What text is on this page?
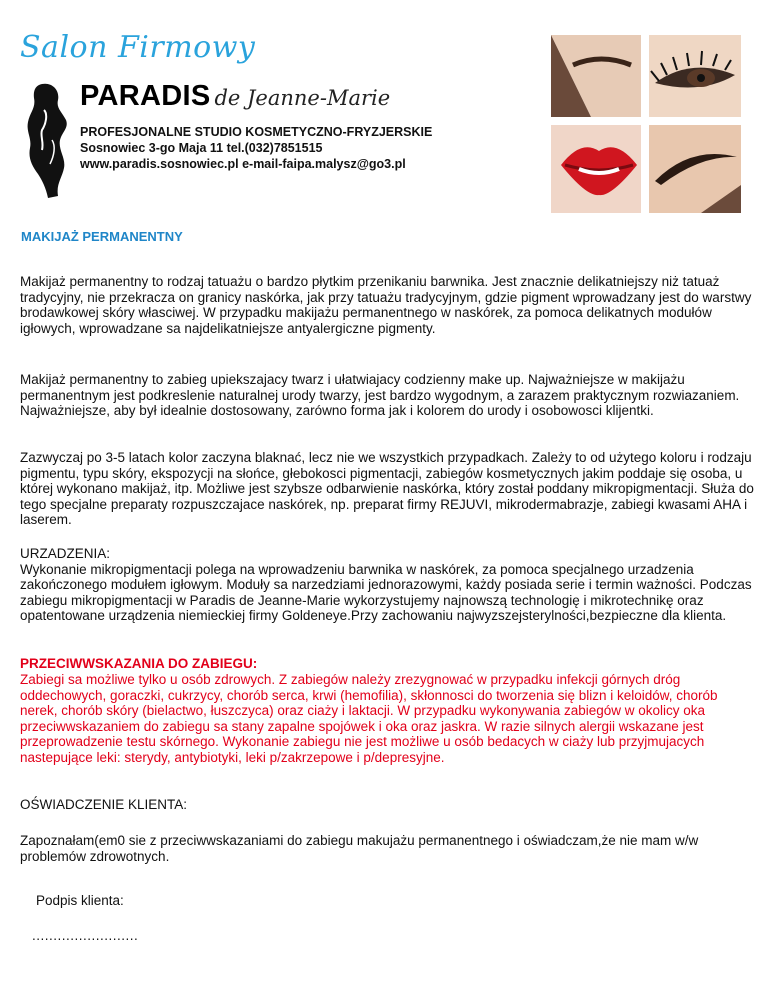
Salon Firmowy
PARADIS de Jeanne-Marie
PROFESJONALNE STUDIO KOSMETYCZNO-FRYZJERSKIE
Sosnowiec 3-go Maja 11 tel.(032)7851515
www.paradis.sosnowiec.pl e-mail-faipa.malysz@go3.pl
MAKIJAŻ PERMANENTNY

Makijaż permanentny to rodzaj tatuażu o bardzo płytkim przenikaniu barwnika. Jest znacznie delikatniejszy niż tatuaż tradycyjny, nie przekracza on granicy naskórka, jak przy tatuażu tradycyjnym, gdzie pigment wprowadzany jest do warstwy brodawkowej skóry własciwej. W przypadku makijażu permanentnego w naskórek, za pomoca delikatnych modułów igłowych, wprowadzane sa najdelikatniejsze antyalergiczne pigmenty.

Makijaż permanentny to zabieg upiekszajacy twarz i ułatwiajacy codzienny make up. Najważniejsze w makijażu permanentnym jest podkreslenie naturalnej urody twarzy, jest bardzo wygodnym, a zarazem praktycznym rozwiazaniem. Najważniejsze, aby był idealnie dostosowany, zarówno forma jak i kolorem do urody i osobowosci klijentki.

Zazwyczaj po 3-5 latach kolor zaczyna blaknać, lecz nie we wszystkich przypadkach. Zależy to od użytego koloru i rodzaju pigmentu, typu skóry, ekspozycji na słońce, głebokosci pigmentacji, zabiegów kosmetycznych jakim poddaje się osoba, u której wykonano makijaż, itp. Możliwe jest szybsze odbarwienie naskórka, który został poddany mikropigmentacji. Służa do tego specjalne preparaty rozpuszczajace naskórek, np. preparat firmy REJUVI, mikrodermabrazje, zabiegi kwasami AHA i laserem.

URZADZENIA:
Wykonanie mikropigmentacji polega na wprowadzeniu barwnika w naskórek, za pomoca specjalnego urzadzenia zakończonego modułem igłowym. Moduły sa narzedziami jednorazowymi, każdy posiada serie i termin ważności. Podczas zabiegu mikropigmentacji w Paradis de Jeanne-Marie wykorzystujemy najnowszą technologię i mikrotechnikę oraz opatentowane urządzenia niemieckiej firmy Goldeneye.Przy zachowaniu najwyzszejsterylności,bezpieczne dla klienta.

PRZECIWWSKAZANIA DO ZABIEGU:

Zabiegi sa możliwe tylko u osób zdrowych. Z zabiegów należy zrezygnować w przypadku infekcji górnych dróg oddechowych, goraczki, cukrzycy, chorób serca, krwi (hemofilia), skłonnosci do tworzenia się blizn i keloidów, chorób nerek, chorób skóry (bielactwo, łuszczyca) oraz ciaży i laktacji. W przypadku wykonywania zabiegów w okolicy oka przeciwwskazaniem do zabiegu sa stany zapalne spojówek i oka oraz jaskra. W razie silnych alergii wskazane jest przeprowadzenie testu skórnego. Wykonanie zabiegu nie jest możliwe u osób bedacych w ciaży lub przyjmujacych nastepujące leki: sterydy, antybiotyki, leki p/zakrzepowe i p/depresyjne.

OŚWIADCZENIE KLIENTA:

Zapoznałam(em0 sie z przeciwwskazaniami do zabiegu makujażu permanentnego i oświadczam,że nie mam w/w problemów zdrowotnych.

Podpis klienta:
.........................
